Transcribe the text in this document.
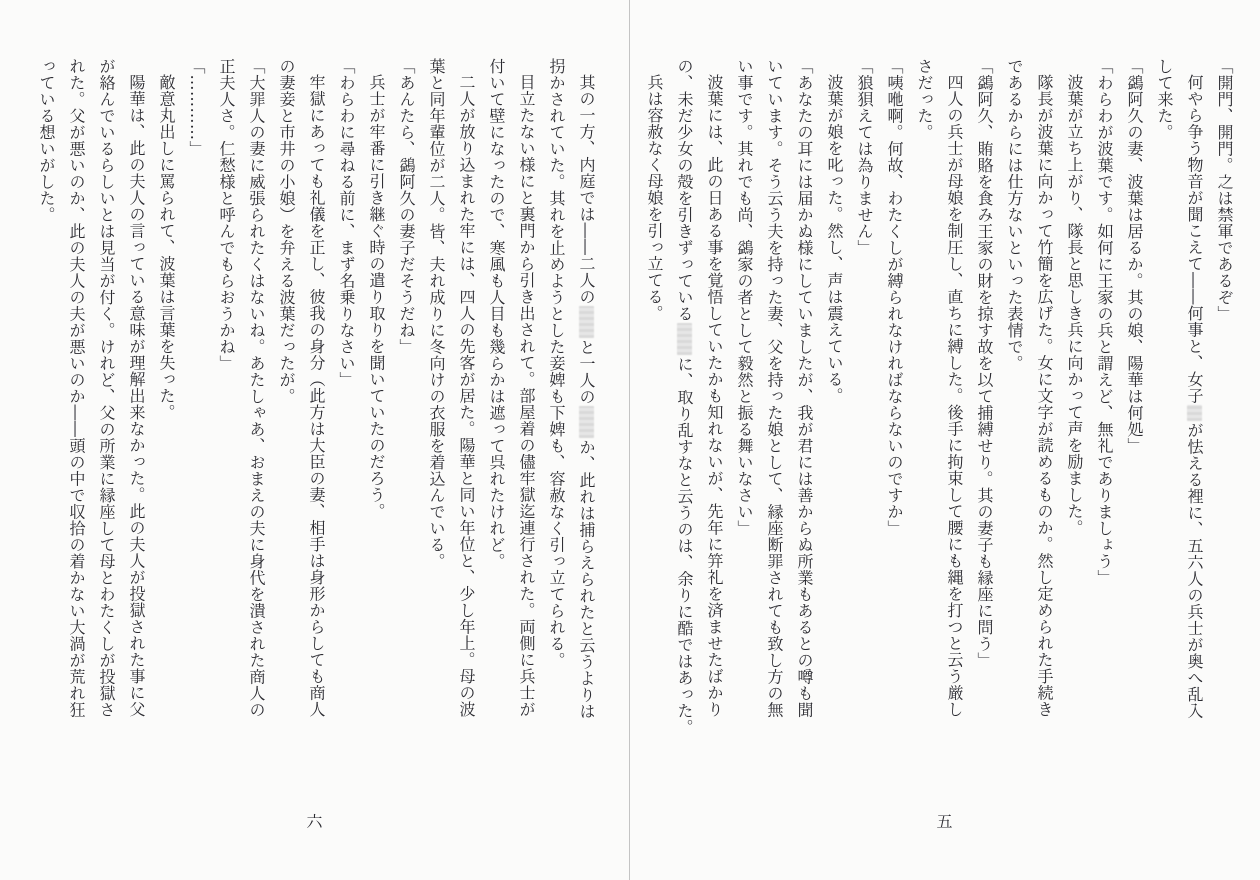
其の一方、内庭では――二人のと一人のか、此れは捕らえられたと云うよりは

拐かされていた。其れを止めようとした妾婢も下婢も、容赦なく引っ立てられる。

目立たない様にと裏門から引き出されて。部屋着の儘牢獄迄連行された。両側に兵士が

付いて壁になったので、寒風も人目も幾らかは遮って呉れたけれど。

二人が放り込まれた牢には、四人の先客が居た。陽華と同い年位と、少し年上。母の波

葉と同年輩位が二人。皆、夫れ成りに冬向けの衣服を着込んでいる。

「あんたら、鷁阿久の妻子だそうだね」

兵士が牢番に引き継ぐ時の遣り取りを聞いていたのだろう。

「わらわに尋ねる前に、まず名乗りなさい」

牢獄にあっても礼儀を正し、彼我の身分（此方は大臣の妻、相手は身形からしても商人

の妻妾と市井の小娘）を弁える波葉だったが。

「大罪人の妻に威張られたくはないね。あたしゃあ、おまえの夫に身代を潰された商人の

正夫人さ。仁愁様と呼んでもらおうかね」

「…………」

敵意丸出しに罵られて、波葉は言葉を失った。

陽華は、此の夫人の言っている意味が理解出来なかった。此の夫人が投獄された事に父

が絡んでいるらしいとは見当が付く。けれど、父の所業に縁座して母とわたくしが投獄さ

れた。父が悪いのか、此の夫人の夫が悪いのか――頭の中で収拾の着かない大渦が荒れ狂

っている想いがした。

六

「開門、開門。之は禁軍であるぞ」

何やら争う物音が聞こえて――何事と、女子が怯える裡に、五六人の兵士が奥へ乱入

して来た。

「鷁阿久の妻、波葉は居るか。其の娘、陽華は何処」

「わらわが波葉です。如何に王家の兵と謂えど、無礼でありましょう」

波葉が立ち上がり、隊長と思しき兵に向かって声を励ました。

隊長が波葉に向かって竹簡を広げた。女に文字が読めるものか。然し定められた手続き

であるからには仕方ないといった表情で。

「鷁阿久、賄賂を食み王家の財を掠す故を以て捕縛せり。其の妻子も縁座に問う」

四人の兵士が母娘を制圧し、直ちに縛した。後手に拘束して腰にも縄を打つと云う厳し

さだった。

「咦咃啊。何故、わたくしが縛られなければならないのですか」

「狼狽えては為りません」

波葉が娘を叱った。然し、声は震えている。

「あなたの耳には届かぬ様にしていましたが、我が君には善からぬ所業もあるとの噂も聞

いています。そう云う夫を持った妻、父を持った娘として、縁座断罪されても致し方の無

い事です。其れでも尚、鷁家の者として毅然と振る舞いなさい」

波葉には、此の日ある事を覚悟していたかも知れないが、先年に笄礼を済ませたばかり

の、未だ少女の殻を引きずっているに、取り乱すなと云うのは、余りに酷ではあった。

兵は容赦なく母娘を引っ立てる。

五
